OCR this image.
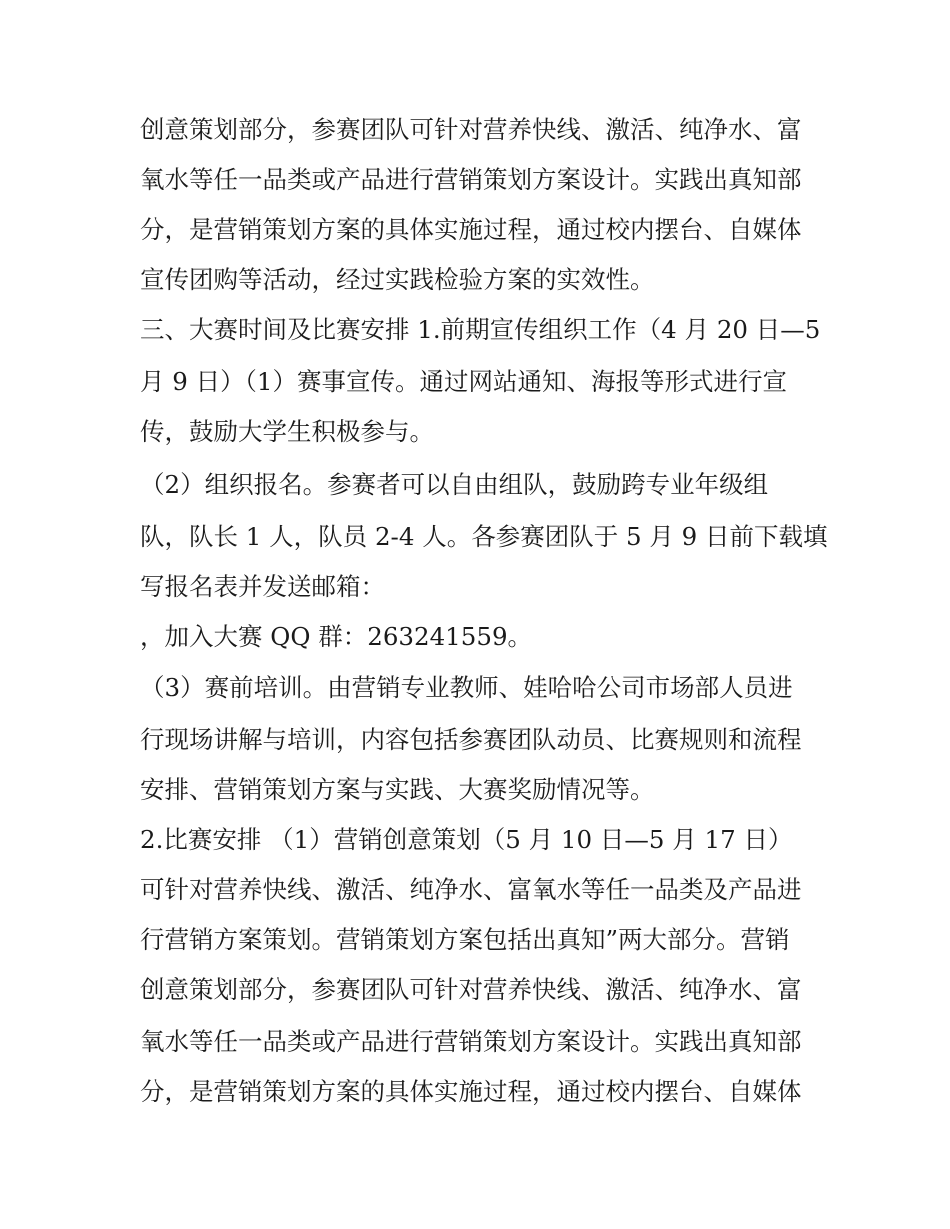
创意策划部分，参赛团队可针对营养快线、激活、纯净水、富
氧水等任一品类或产品进行营销策划方案设计。实践出真知部
分，是营销策划方案的具体实施过程，通过校内摆台、自媒体
宣传团购等活动，经过实践检验方案的实效性。
三、大赛时间及比赛安排 1.前期宣传组织工作（4 月 20 日—5
月 9 日）（1）赛事宣传。通过网站通知、海报等形式进行宣
传，鼓励大学生积极参与。
（2）组织报名。参赛者可以自由组队，鼓励跨专业年级组
队，队长 1 人，队员 2-4 人。各参赛团队于 5 月 9 日前下载填
写报名表并发送邮箱：
，加入大赛 QQ 群：263241559。
（3）赛前培训。由营销专业教师、娃哈哈公司市场部人员进
行现场讲解与培训，内容包括参赛团队动员、比赛规则和流程
安排、营销策划方案与实践、大赛奖励情况等。
2.比赛安排 （1）营销创意策划（5 月 10 日—5 月 17 日）
可针对营养快线、激活、纯净水、富氧水等任一品类及产品进
行营销方案策划。营销策划方案包括出真知”两大部分。营销
创意策划部分，参赛团队可针对营养快线、激活、纯净水、富
氧水等任一品类或产品进行营销策划方案设计。实践出真知部
分，是营销策划方案的具体实施过程，通过校内摆台、自媒体
